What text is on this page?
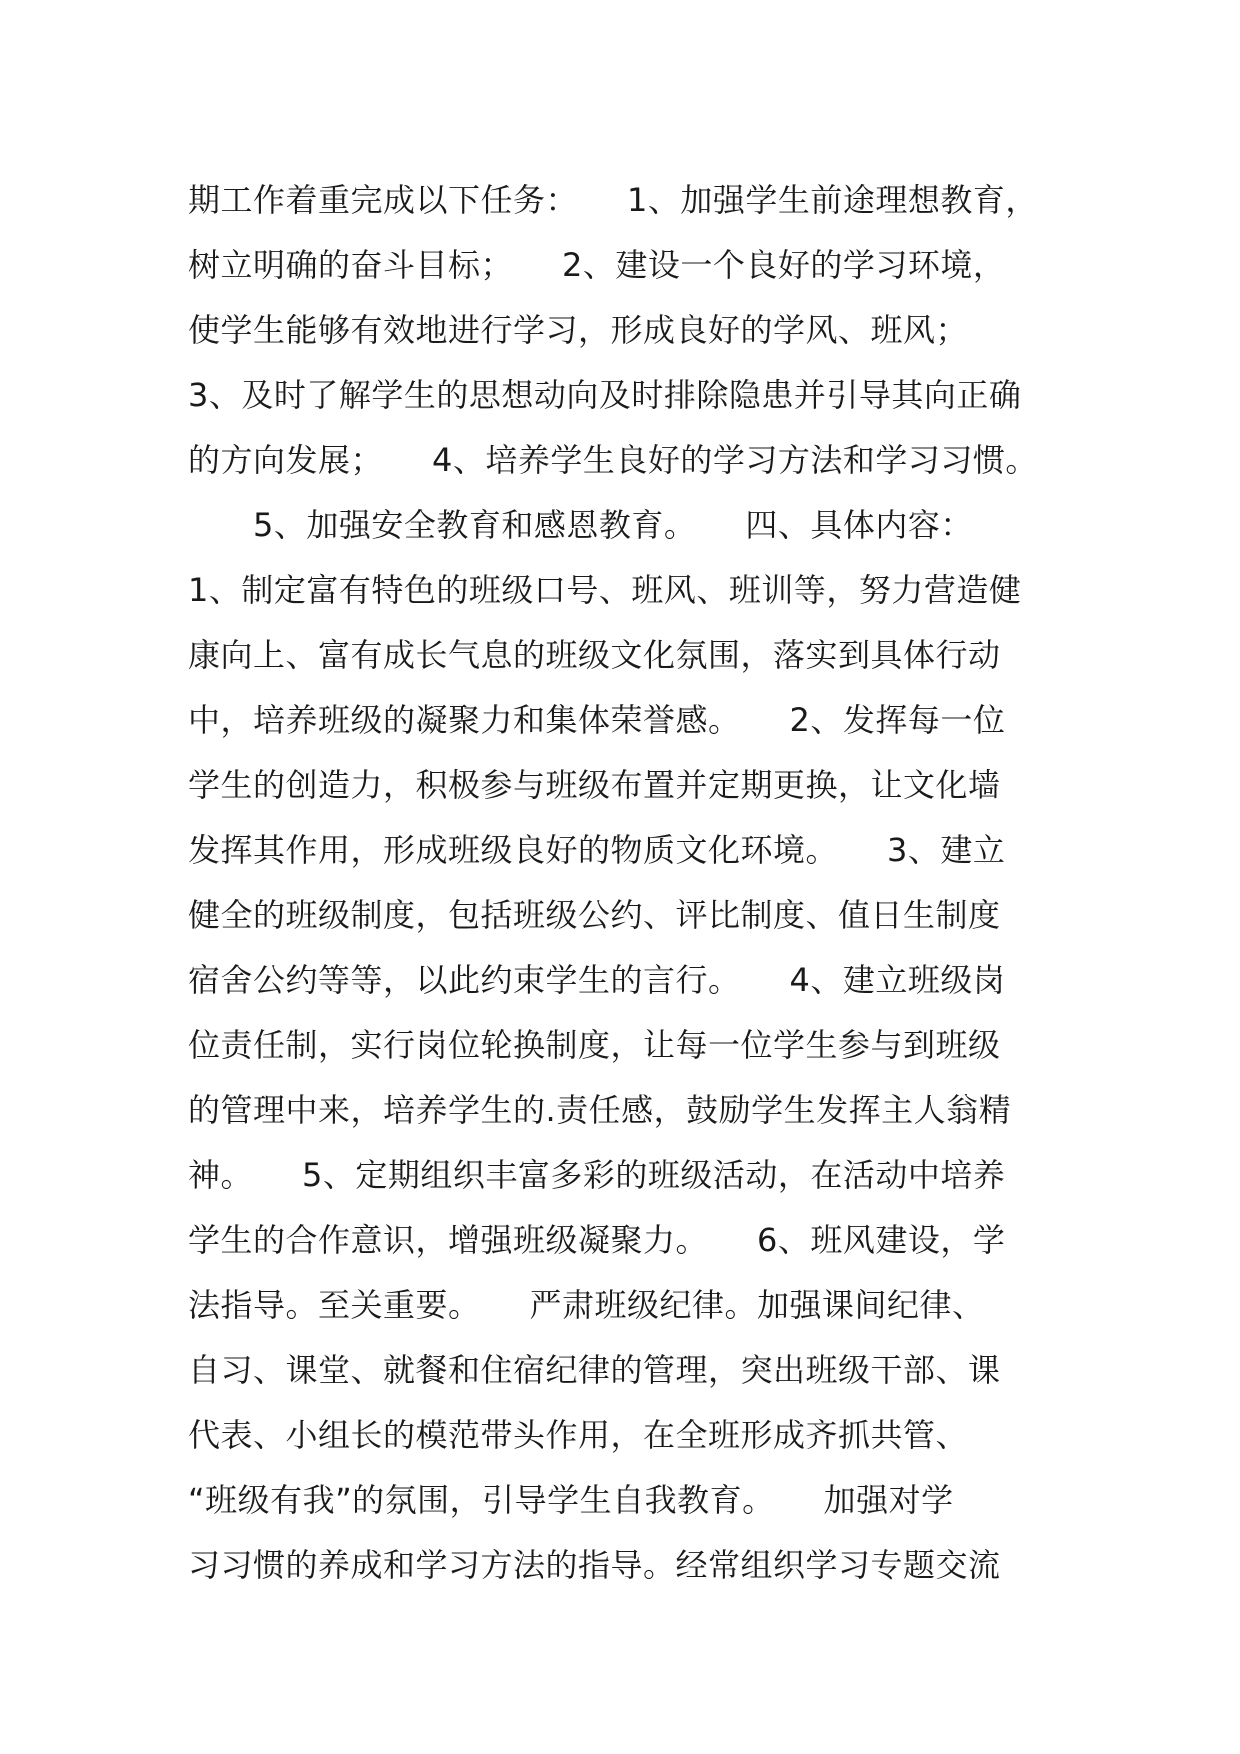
期工作着重完成以下任务：　　1、加强学生前途理想教育，
树立明确的奋斗目标；　　2、建设一个良好的学习环境，
使学生能够有效地进行学习，形成良好的学风、班风；
3、及时了解学生的思想动向及时排除隐患并引导其向正确
的方向发展；　　4、培养学生良好的学习方法和学习习惯。
　　5、加强安全教育和感恩教育。　　四、具体内容：
1、制定富有特色的班级口号、班风、班训等，努力营造健
康向上、富有成长气息的班级文化氛围，落实到具体行动
中，培养班级的凝聚力和集体荣誉感。　　2、发挥每一位
学生的创造力，积极参与班级布置并定期更换，让文化墙
发挥其作用，形成班级良好的物质文化环境。　　3、建立
健全的班级制度，包括班级公约、评比制度、值日生制度
宿舍公约等等，以此约束学生的言行。　　4、建立班级岗
位责任制，实行岗位轮换制度，让每一位学生参与到班级
的管理中来，培养学生的.责任感，鼓励学生发挥主人翁精
神。　　5、定期组织丰富多彩的班级活动，在活动中培养
学生的合作意识，增强班级凝聚力。　　6、班风建设，学
法指导。至关重要。　　严肃班级纪律。加强课间纪律、
自习、课堂、就餐和住宿纪律的管理，突出班级干部、课
代表、小组长的模范带头作用，在全班形成齐抓共管、
“班级有我”的氛围，引导学生自我教育。　　加强对学
习习惯的养成和学习方法的指导。经常组织学习专题交流
